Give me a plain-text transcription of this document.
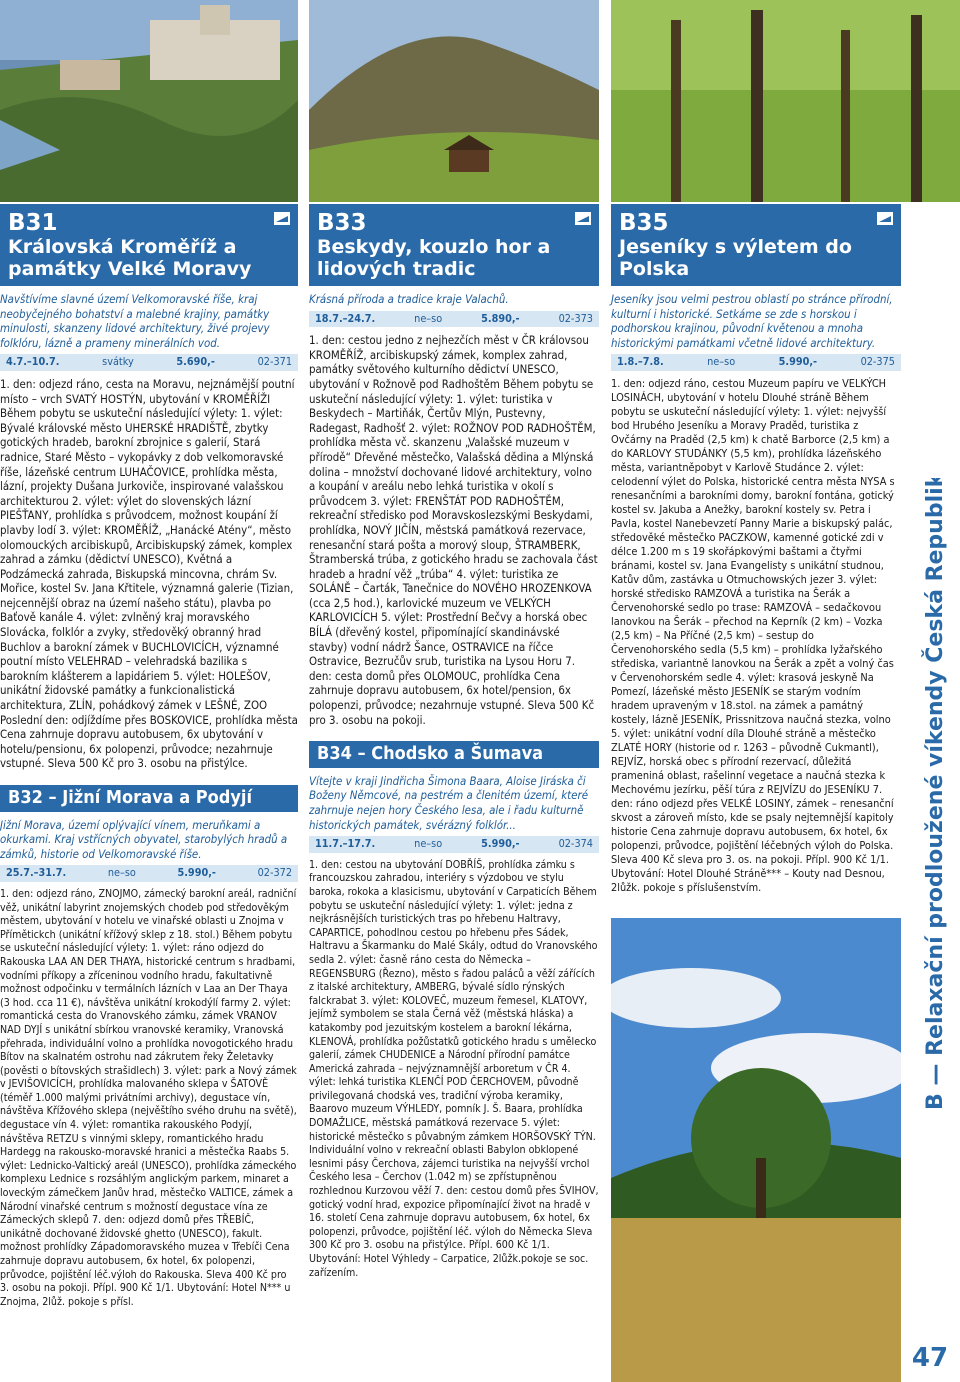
B31
Královská Kroměříž a památky Velké Moravy
Navštívíme slavné území Velkomoravské říše, kraj neobyčejného bohatství a malebné krajiny, památky minulosti, skanzeny lidové architektury, živé projevy folklóru, lázně a prameny minerálních vod.
4.7.–10.7.	svátky	5.690,-	02-371

1. den: odjezd ráno, cesta na Moravu, nejznámější poutní místo – vrch SVATÝ HOSTÝN, ubytování v KROMĚŘÍŽI Během pobytu se uskuteční následující výlety: 1. výlet: Bývalé královské město UHERSKÉ HRADIŠTĚ, zbytky gotických hradeb, barokní zbrojnice s galerií, Stará radnice, Staré Město – vykopávky z dob velkomoravské říše, lázeňské centrum LUHAČOVICE, prohlídka města, lázní, projekty Dušana Jurkoviče, inspirované valašskou architekturou 2. výlet: výlet do slovenských lázní PIEŠŤANY, prohlídka s průvodcem, možnost koupání ží plavby lodí 3. výlet: KROMĚŘÍŽ, „Hanácké Atény“, město olomouckých arcibiskupů, Arcibiskupský zámek, komplex zahrad a zámku (dědictví UNESCO), Květná a Podzámecká zahrada, Biskupská mincovna, chrám Sv. Mořice, kostel Sv. Jana Křtitele, významná galerie (Tizian, nejcennější obraz na území našeho státu), plavba po Baťově kanále 4. výlet: zvlněný kraj moravského Slovácka, folklór a zvyky, středověký obranný hrad Buchlov a barokní zámek v BUCHLOVICÍCH, významné poutní místo VELEHRAD – velehradská bazilika s barokním klášterem a lapidáriem 5. výlet: HOLEŠOV, unikátní židovské památky a funkcionalistická architektura, ZLÍN, pohádkový zámek v LEŠNÉ, ZOO Poslední den: odjíždíme přes BOSKOVICE, prohlídka města Cena zahrnuje dopravu autobusem, 6x ubytování v hotelu/pensionu, 6x polopenzi, průvodce; nezahrnuje vstupné. Sleva 500 Kč pro 3. osobu na přistýlce.

B32 – Jižní Morava a Podyjí
Jižní Morava, území oplývající vínem, meruňkami a okurkami. Kraj vstřícných obyvatel, starobylých hradů a zámků, historie od Velkomoravské říše.
25.7.–31.7.	ne–so	5.990,-	02-372

1. den: odjezd ráno, ZNOJMO, zámecký barokní areál, radniční věž, unikátní labyrint znojemských chodeb pod středověkým městem, ubytování v hotelu ve vinařské oblasti u Znojma v Přímětickch (unikátní křížový sklep z 18. stol.) Během pobytu se uskuteční následující výlety: 1. výlet: ráno odjezd do Rakouska LAA AN DER THAYA, historické centrum s hradbami, vodními příkopy a zříceninou vodního hradu, fakultativně možnost odpočinku v termálních lázních v Laa an Der Thaya (3 hod. cca 11 €), návštěva unikátní krokodýlí farmy 2. výlet: romantická cesta do Vranovského zámku, zámek VRANOV NAD DYJÍ s unikátní sbírkou vranovské keramiky, Vranovská přehrada, individuální volno a prohlídka novogotického hradu Bítov na skalnatém ostrohu nad zákrutem řeky Želetavky (pověsti o bítovských strašidlech) 3. výlet: park a Nový zámek v JEVIŠOVICÍCH, prohlídka malovaného sklepa v ŠATOVĚ (téměř 1.000 malými privátními archivy), degustace vín, návštěva Křížového sklepa (nejvěštího svého druhu na světě), degustace vín 4. výlet: romantika rakouského Podyjí, návštěva RETZU s vinnými sklepy, romantického hradu Hardegg na rakousko-moravské hranici a městečka Raabs 5. výlet: Lednicko-Valtický areál (UNESCO), prohlídka zámeckého komplexu Lednice s rozsáhlým anglickým parkem, minaret a loveckým zámečkem Janův hrad, městečko VALTICE, zámek a Národní vinařské centrum s možností degustace vína ze Zámeckých sklepů 7. den: odjezd domů přes TŘEBÍČ, unikátně dochované židovské ghetto (UNESCO), fakult. možnost prohlídky Západomoravského muzea v Třebíči Cena zahrnuje dopravu autobusem, 6x hotel, 6x polopenzi, průvodce, pojištění léč.výloh do Rakouska. Sleva 400 Kč pro 3. osobu na pokoji. Přípl. 900 Kč 1/1. Ubytování: Hotel N*** u Znojma, 2lůž. pokoje s přísl.

B33
Beskydy, kouzlo hor a lidových tradic
Krásná příroda a tradice kraje Valachů.
18.7.–24.7.	ne–so	5.890,-	02-373

1. den: cestou jedno z nejhezčích měst v ČR královsou KROMĚŘÍŽ, arcibiskupský zámek, komplex zahrad, památky světového kulturního dědictví UNESCO, ubytování v Rožnově pod Radhoštěm Během pobytu se uskuteční následující výlety: 1. výlet: turistika v Beskydech – Martiňák, Čertův Mlýn, Pustevny, Radegast, Radhošť 2. výlet: ROŽNOV POD RADHOŠTĚM, prohlídka města vč. skanzenu „Valašské muzeum v přírodě“ Dřevěné městečko, Valašská dědina a Mlýnská dolina – množství dochované lidové architektury, volno a koupání v areálu nebo lehká turistika v okolí s průvodcem 3. výlet: FRENŠTÁT POD RADHOŠTĚM, rekreační středisko pod Moravskoslezskými Beskydami, prohlídka, NOVÝ JIČÍN, městská památková rezervace, renesanční stará pošta a morový sloup, ŠTRAMBERK, Štramberská trúba, z gotického hradu se zachovala část hradeb a hradní věž „trúba“ 4. výlet: turistika ze SOLÁNĚ – Čarták, Tanečnice do NOVÉHO HROZENKOVA (cca 2,5 hod.), karlovické muzeum ve VELKÝCH KARLOVICÍCH 5. výlet: Prostřední Bečvy a horská obec BÍLÁ (dřevěný kostel, připomínající skandinávské stavby) vodní nádrž Šance, OSTRAVICE na říčce Ostravice, Bezručův srub, turistika na Lysou Horu 7. den: cesta domů přes OLOMOUC, prohlídka Cena zahrnuje dopravu autobusem, 6x hotel/pension, 6x polopenzi, průvodce; nezahrnuje vstupné. Sleva 500 Kč pro 3. osobu na pokoji.

B34 – Chodsko a Šumava
Vítejte v kraji Jindřicha Šimona Baara, Aloise Jiráska či Boženy Němcové, na pestrém a členitém území, které zahrnuje nejen hory Českého lesa, ale i řadu kulturně historických památek, svérázný folklór...
11.7.–17.7.	ne–so	5.990,-	02-374

1. den: cestou na ubytování DOBŘÍŠ, prohlídka zámku s francouzskou zahradou, interiéry s výzdobou ve stylu baroka, rokoka a klasicismu, ubytování v Carpaticích Během pobytu se uskuteční následující výlety: 1. výlet: jedna z nejkrásnějších turistických tras po hřebenu Haltravy, CAPARTICE, pohodlnou cestou po hřebenu přes Sádek, Haltravu a Škarmanku do Malé Skály, odtud do Vranovského sedla 2. výlet: časně ráno cesta do Německa – REGENSBURG (Řezno), město s řadou paláců a věží zářících z italské architektury, AMBERG, bývalé sídlo rýnských falckrabat 3. výlet: KOLOVEČ, muzeum řemesel, KLATOVY, jejímž symbolem se stala Černá věž (městská hláska) a katakomby pod jezuitským kostelem a barokní lékárna, KLENOVÁ, prohlídka požůstatků gotického hradu s umělecko galerií, zámek CHUDENICE a Národní přírodní památce Americká zahrada – nejvýznamnější arboretum v ČR 4. výlet: lehká turistika KLENČÍ POD ČERCHOVEM, původně privilegovaná chodská ves, tradiční výroba keramiky, Baarovo muzeum VÝHLEDY, pomník J. Š. Baara, prohlídka DOMAŽLICE, městská památková rezervace 5. výlet: historické městečko s půvabným zámkem HORŠOVSKÝ TÝN. Individuální volno v rekreační oblasti Babylon obklopené lesnimi pásy Čerchova, zájemci turistika na nejvyšší vrchol Českého lesa – Čerchov (1.042 m) se zpřístupněnou rozhlednou Kurzovou věží 7. den: cestou domů přes ŠVIHOV, gotický vodní hrad, expozice připomínající život na hradě v 16. století Cena zahrnuje dopravu autobusem, 6x hotel, 6x polopenzi, průvodce, pojištění léč. výloh do Německa Sleva 300 Kč pro 3. osobu na přistýlce. Přípl. 600 Kč 1/1. Ubytování: Hotel Výhledy – Carpatice, 2lůžk.pokoje se soc. zařízením.

B35
Jeseníky s výletem do Polska
Jeseníky jsou velmi pestrou oblastí po stránce přírodní, kulturní i historické. Setkáme se zde s horskou i podhorskou krajinou, původní květenou a mnoha historickými památkami včetně lidové architektury.
1.8.–7.8.	ne–so	5.990,-	02-375

1. den: odjezd ráno, cestou Muzeum papíru ve VELKÝCH LOSINÁCH, ubytování v hotelu Dlouhé stráně Během pobytu se uskuteční následující výlety: 1. výlet: nejvyšší bod Hrubého Jeseníku a Moravy Praděd, turistika z Ovčárny na Praděd (2,5 km) k chatě Barborce (2,5 km) a do KARLOVY STUDÁNKY (5,5 km), prohlídka lázeňského města, variantněpobyt v Karlově Studánce 2. výlet: celodenní výlet do Polska, historické centra města NYSA s renesančními a barokními domy, barokní fontána, gotický kostel sv. Jakuba a Anežky, barokní kostely sv. Petra i Pavla, kostel Nanebevzetí Panny Marie a biskupský palác, středověké městečko PACZKOW, kamenné gotické zdi v délce 1.200 m s 19 skořápkovými baštami a čtyřmi bránami, kostel sv. Jana Evangelisty s unikátní studnou, Katův dům, zastávka u Otmuchowských jezer 3. výlet: horské středisko RAMZOVÁ a turistika na Šerák a Červenohorské sedlo po trase: RAMZOVÁ – sedačkovou lanovkou na Šerák – přechod na Keprník (2 km) – Vozka (2,5 km) – Na Příčné (2,5 km) – sestup do Červenohorského sedla (5,5 km) – prohlídka lyžařského střediska, variantně lanovkou na Šerák a zpět a volný čas v Červenohorském sedle 4. výlet: krasová jeskyně Na Pomezí, lázeňské město JESENÍK se starým vodním hradem upraveným v 18.stol. na zámek a památný kostely, lázně JESENÍK, Prissnitzova naučná stezka, volno 5. výlet: unikátní vodní díla Dlouhé stráně a městečko ZLATÉ HORY (historie od r. 1263 – původně Cukmantl), REJVÍZ, horská obec s přírodní rezervací, důležitá prameniná oblast, rašelinní vegetace a naučná stezka k Mechovému jezírku, pěší túra z REJVÍZU do JESENÍKU 7. den: ráno odjezd přes VELKÉ LOSINY, zámek – renesanční skvost a zároveň místo, kde se psaly nejtemnější kapitoly historie Cena zahrnuje dopravu autobusem, 6x hotel, 6x polopenzi, průvodce, pojištění léčebných výloh do Polska. Sleva 400 Kč sleva pro 3. os. na pokoji. Přípl. 900 Kč 1/1. Ubytování: Hotel Dlouhé Stráně*** – Kouty nad Desnou, 2lůžk. pokoje s příslušenstvím.	B — Relaxační prodloužené víkendy Česká Republika
47
